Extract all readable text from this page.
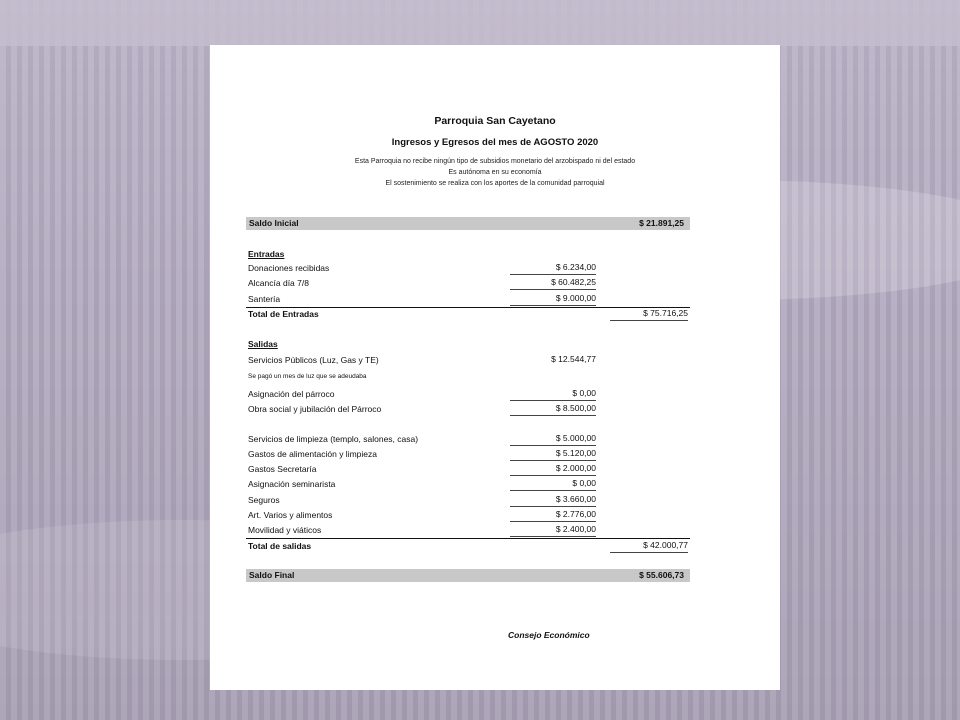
Parroquia San Cayetano
Ingresos y Egresos del mes de AGOSTO 2020
Esta Parroquia no recibe ningún tipo de subsidios monetario del arzobispado ni del estado
Es autónoma en su economía
El sostenimiento se realiza con los aportes de la comunidad parroquial
Saldo Inicial	$ 21.891,25
Entradas
Donaciones recibidas	$ 6.234,00
Alcancía día 7/8	$ 60.482,25
Santería	$ 9.000,00
Total de Entradas	$ 75.716,25
Salidas
Servicios Públicos (Luz, Gas y TE)	$ 12.544,77
Se pagó un mes de luz que se adeudaba
Asignación del párroco	$ 0,00
Obra social y jubilación del Párroco	$ 8.500,00
Servicios de limpieza (templo, salones, casa)	$ 5.000,00
Gastos de alimentación y limpieza	$ 5.120,00
Gastos Secretaría	$ 2.000,00
Asignación seminarista	$ 0,00
Seguros	$ 3.660,00
Art. Varios y alimentos	$ 2.776,00
Movilidad y viáticos	$ 2.400,00
Total de salidas	$ 42.000,77
Saldo Final	$ 55.606,73
Consejo Económico
